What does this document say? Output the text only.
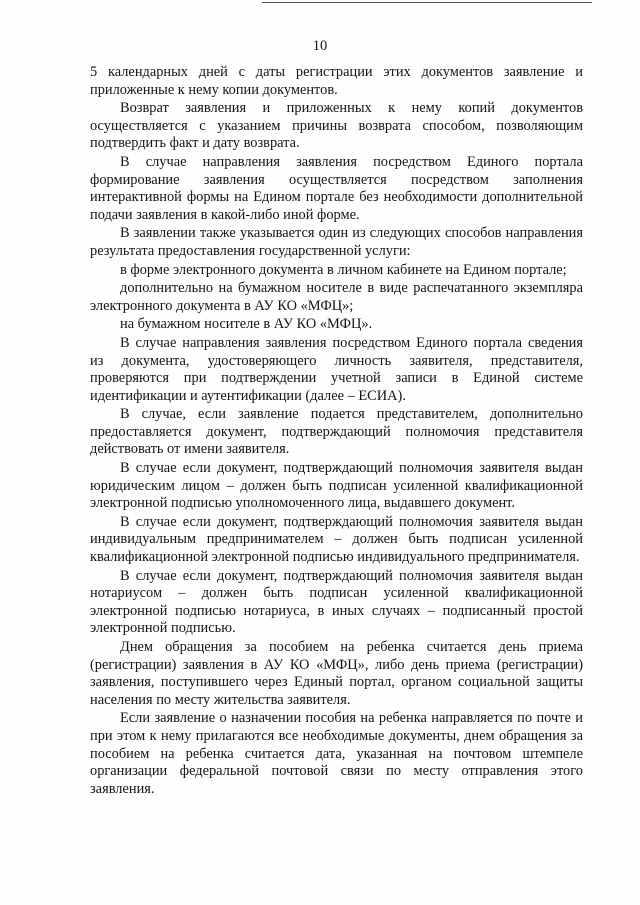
10

5 календарных дней с даты регистрации этих документов заявление и приложенные к нему копии документов.

Возврат заявления и приложенных к нему копий документов осуществляется с указанием причины возврата способом, позволяющим подтвердить факт и дату возврата.

В случае направления заявления посредством Единого портала формирование заявления осуществляется посредством заполнения интерактивной формы на Едином портале без необходимости дополнительной подачи заявления в какой-либо иной форме.

В заявлении также указывается один из следующих способов направления результата предоставления государственной услуги:

в форме электронного документа в личном кабинете на Едином портале;

дополнительно на бумажном носителе в виде распечатанного экземпляра электронного документа в АУ КО «МФЦ»;

на бумажном носителе в АУ КО «МФЦ».

В случае направления заявления посредством Единого портала сведения из документа, удостоверяющего личность заявителя, представителя, проверяются при подтверждении учетной записи в Единой системе идентификации и аутентификации (далее – ЕСИА).

В случае, если заявление подается представителем, дополнительно предоставляется документ, подтверждающий полномочия представителя действовать от имени заявителя.

В случае если документ, подтверждающий полномочия заявителя выдан юридическим лицом – должен быть подписан усиленной квалификационной электронной подписью уполномоченного лица, выдавшего документ.

В случае если документ, подтверждающий полномочия заявителя выдан индивидуальным предпринимателем – должен быть подписан усиленной квалификационной электронной подписью индивидуального предпринимателя.

В случае если документ, подтверждающий полномочия заявителя выдан нотариусом – должен быть подписан усиленной квалификационной электронной подписью нотариуса, в иных случаях – подписанный простой электронной подписью.

Днем обращения за пособием на ребенка считается день приема (регистрации) заявления в АУ КО «МФЦ», либо день приема (регистрации) заявления, поступившего через Единый портал, органом социальной защиты населения по месту жительства заявителя.

Если заявление о назначении пособия на ребенка направляется по почте и при этом к нему прилагаются все необходимые документы, днем обращения за пособием на ребенка считается дата, указанная на почтовом штемпеле организации федеральной почтовой связи по месту отправления этого заявления.
